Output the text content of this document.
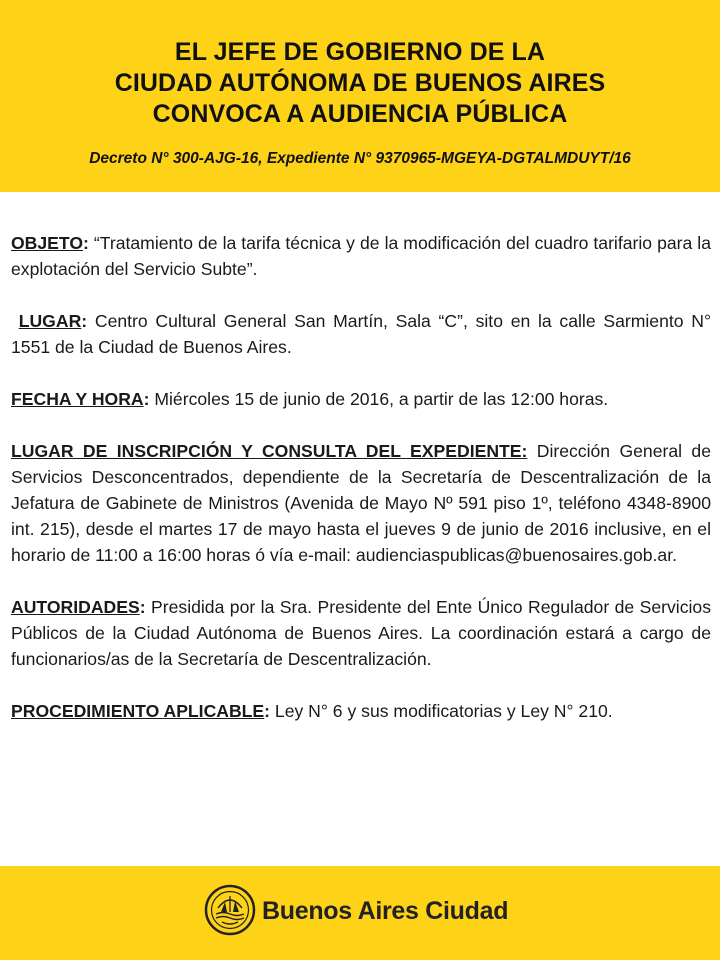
EL JEFE DE GOBIERNO DE LA
CIUDAD AUTÓNOMA DE BUENOS AIRES
CONVOCA A AUDIENCIA PÚBLICA
Decreto N° 300-AJG-16, Expediente N° 9370965-MGEYA-DGTALMDUYT/16

OBJETO: “Tratamiento de la tarifa técnica y de la modificación del cuadro tarifario para la explotación del Servicio Subte”.

LUGAR: Centro Cultural General San Martín, Sala “C”, sito en la calle Sarmiento N° 1551 de la Ciudad de Buenos Aires.

FECHA Y HORA: Miércoles 15 de junio de 2016, a partir de las 12:00 horas.

LUGAR DE INSCRIPCIÓN Y CONSULTA DEL EXPEDIENTE: Dirección General de Servicios Desconcentrados, dependiente de la Secretaría de Descentralización de la Jefatura de Gabinete de Ministros (Avenida de Mayo Nº 591 piso 1º, teléfono 4348-8900 int. 215), desde el martes 17 de mayo hasta el jueves 9 de junio de 2016 inclusive, en el horario de 11:00 a 16:00 horas ó vía e-mail: audienciaspublicas@buenosaires.gob.ar.

AUTORIDADES: Presidida por la Sra. Presidente del Ente Único Regulador de Servicios Públicos de la Ciudad Autónoma de Buenos Aires. La coordinación estará a cargo de funcionarios/as de la Secretaría de Descentralización.

PROCEDIMIENTO APLICABLE: Ley N° 6 y sus modificatorias y Ley N° 210.

Buenos Aires Ciudad
